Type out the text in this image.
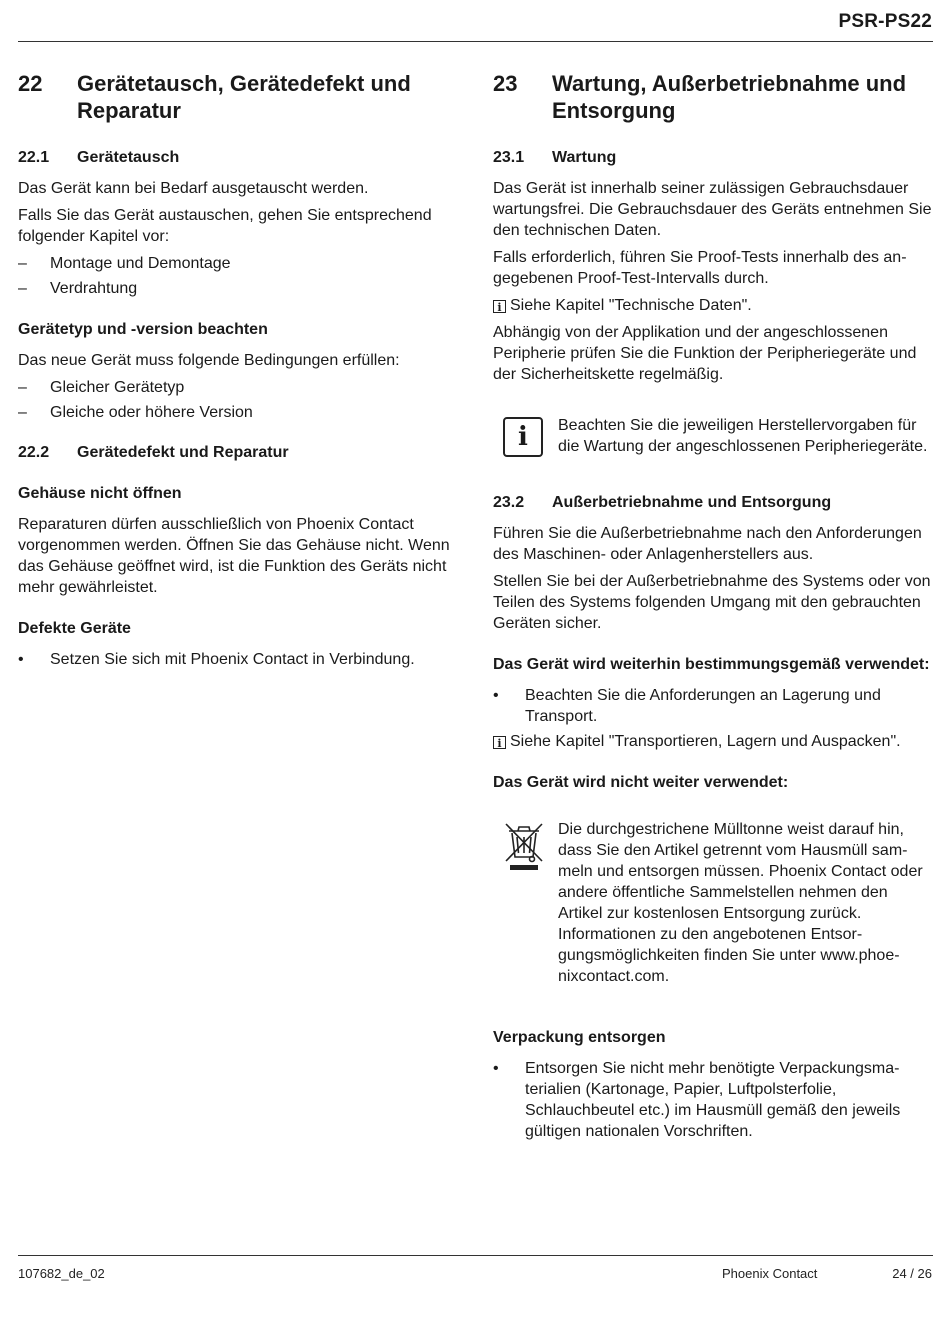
PSR-PS22
22	Gerätetausch, Gerätedefekt und Reparatur
22.1	Gerätetausch

Das Gerät kann bei Bedarf ausgetauscht werden.

Falls Sie das Gerät austauschen, gehen Sie entsprechend folgender Kapitel vor:

–	Montage und Demontage
–	Verdrahtung
Gerätetyp und -version beachten

Das neue Gerät muss folgende Bedingungen erfüllen:

–	Gleicher Gerätetyp
–	Gleiche oder höhere Version
22.2	Gerätedefekt und Reparatur
Gehäuse nicht öffnen

Reparaturen dürfen ausschließlich von Phoenix Contact vorgenommen werden. Öffnen Sie das Gehäuse nicht. Wenn das Gehäuse geöffnet wird, ist die Funktion des Geräts nicht mehr gewährleistet.

Defekte Geräte
•	Setzen Sie sich mit Phoenix Contact in Verbindung.
23	Wartung, Außerbetriebnahme und Entsorgung
23.1	Wartung

Das Gerät ist innerhalb seiner zulässigen Gebrauchsdauer wartungsfrei. Die Gebrauchsdauer des Geräts entnehmen Sie den technischen Daten.

Falls erforderlich, führen Sie Proof-Tests innerhalb des angegebenen Proof-Test-Intervalls durch.

i Siehe Kapitel "Technische Daten".

Abhängig von der Applikation und der angeschlossenen Peripherie prüfen Sie die Funktion der Peripheriegeräte und der Sicherheitskette regelmäßig.

i	Beachten Sie die jeweiligen Herstellervorgaben für die Wartung der angeschlossenen Peripheriegeräte.

23.2	Außerbetriebnahme und Entsorgung

Führen Sie die Außerbetriebnahme nach den Anforderungen des Maschinen- oder Anlagenherstellers aus.

Stellen Sie bei der Außerbetriebnahme des Systems oder von Teilen des Systems folgenden Umgang mit den gebrauchten Geräten sicher.

Das Gerät wird weiterhin bestimmungsgemäß verwendet:
•	Beachten Sie die Anforderungen an Lagerung und Transport.

i Siehe Kapitel "Transportieren, Lagern und Auspacken".

Das Gerät wird nicht weiter verwendet:

Die durchgestrichene Mülltonne weist darauf hin, dass Sie den Artikel getrennt vom Hausmüll sammeln und entsorgen müssen. Phoenix Contact oder andere öffentliche Sammelstellen nehmen den Artikel zur kostenlosen Entsorgung zurück. Informationen zu den angebotenen Entsorgungsmöglichkeiten finden Sie unter www.phoenixcontact.com.

Verpackung entsorgen
•	Entsorgen Sie nicht mehr benötigte Verpackungsmaterialien (Kartonage, Papier, Luftpolsterfolie, Schlauchbeutel etc.) im Hausmüll gemäß den jeweils gültigen nationalen Vorschriften.
107682_de_02	Phoenix Contact	24 / 26
